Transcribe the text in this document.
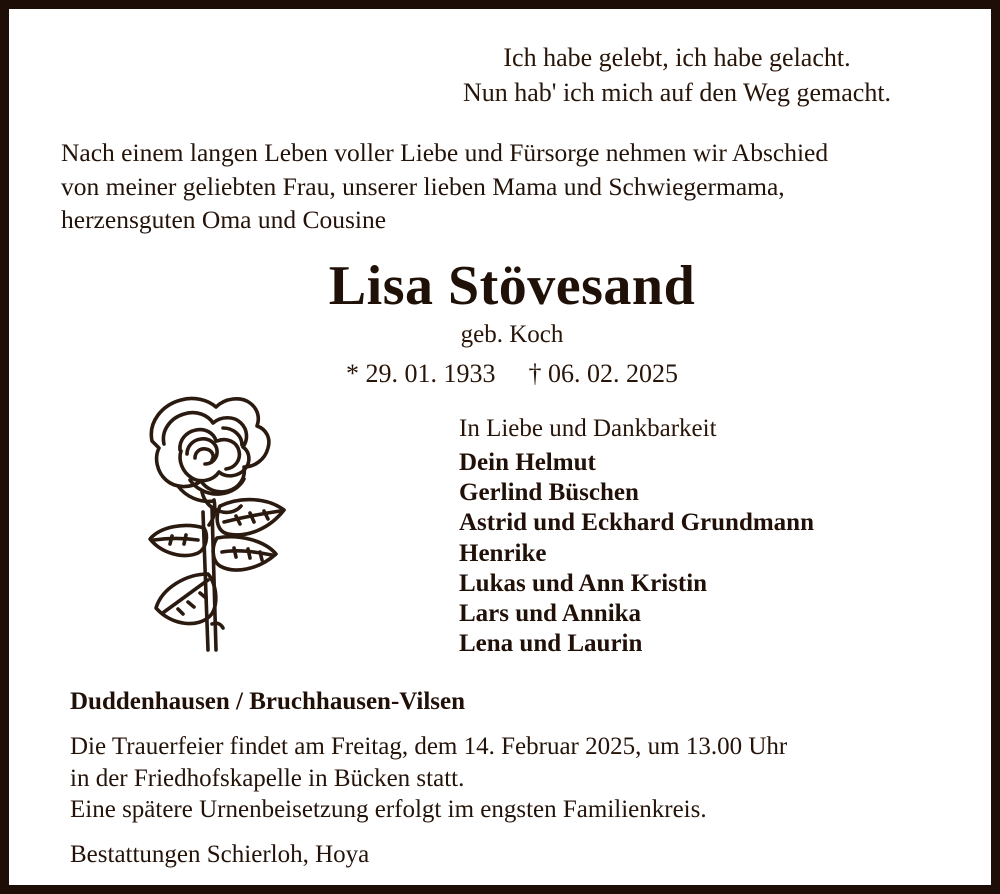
Ich habe gelebt, ich habe gelacht.
Nun hab' ich mich auf den Weg gemacht.
Nach einem langen Leben voller Liebe und Fürsorge nehmen wir Abschied
von meiner geliebten Frau, unserer lieben Mama und Schwiegermama,
herzensguten Oma und Cousine
Lisa Stövesand
geb. Koch
* 29. 01. 1933 † 06. 02. 2025
In Liebe und Dankbarkeit
Dein Helmut
Gerlind Büschen
Astrid und Eckhard Grundmann
Henrike
Lukas und Ann Kristin
Lars und Annika
Lena und Laurin
Duddenhausen / Bruchhausen-Vilsen
Die Trauerfeier findet am Freitag, dem 14. Februar 2025, um 13.00 Uhr
in der Friedhofskapelle in Bücken statt.
Eine spätere Urnenbeisetzung erfolgt im engsten Familienkreis.
Bestattungen Schierloh, Hoya
